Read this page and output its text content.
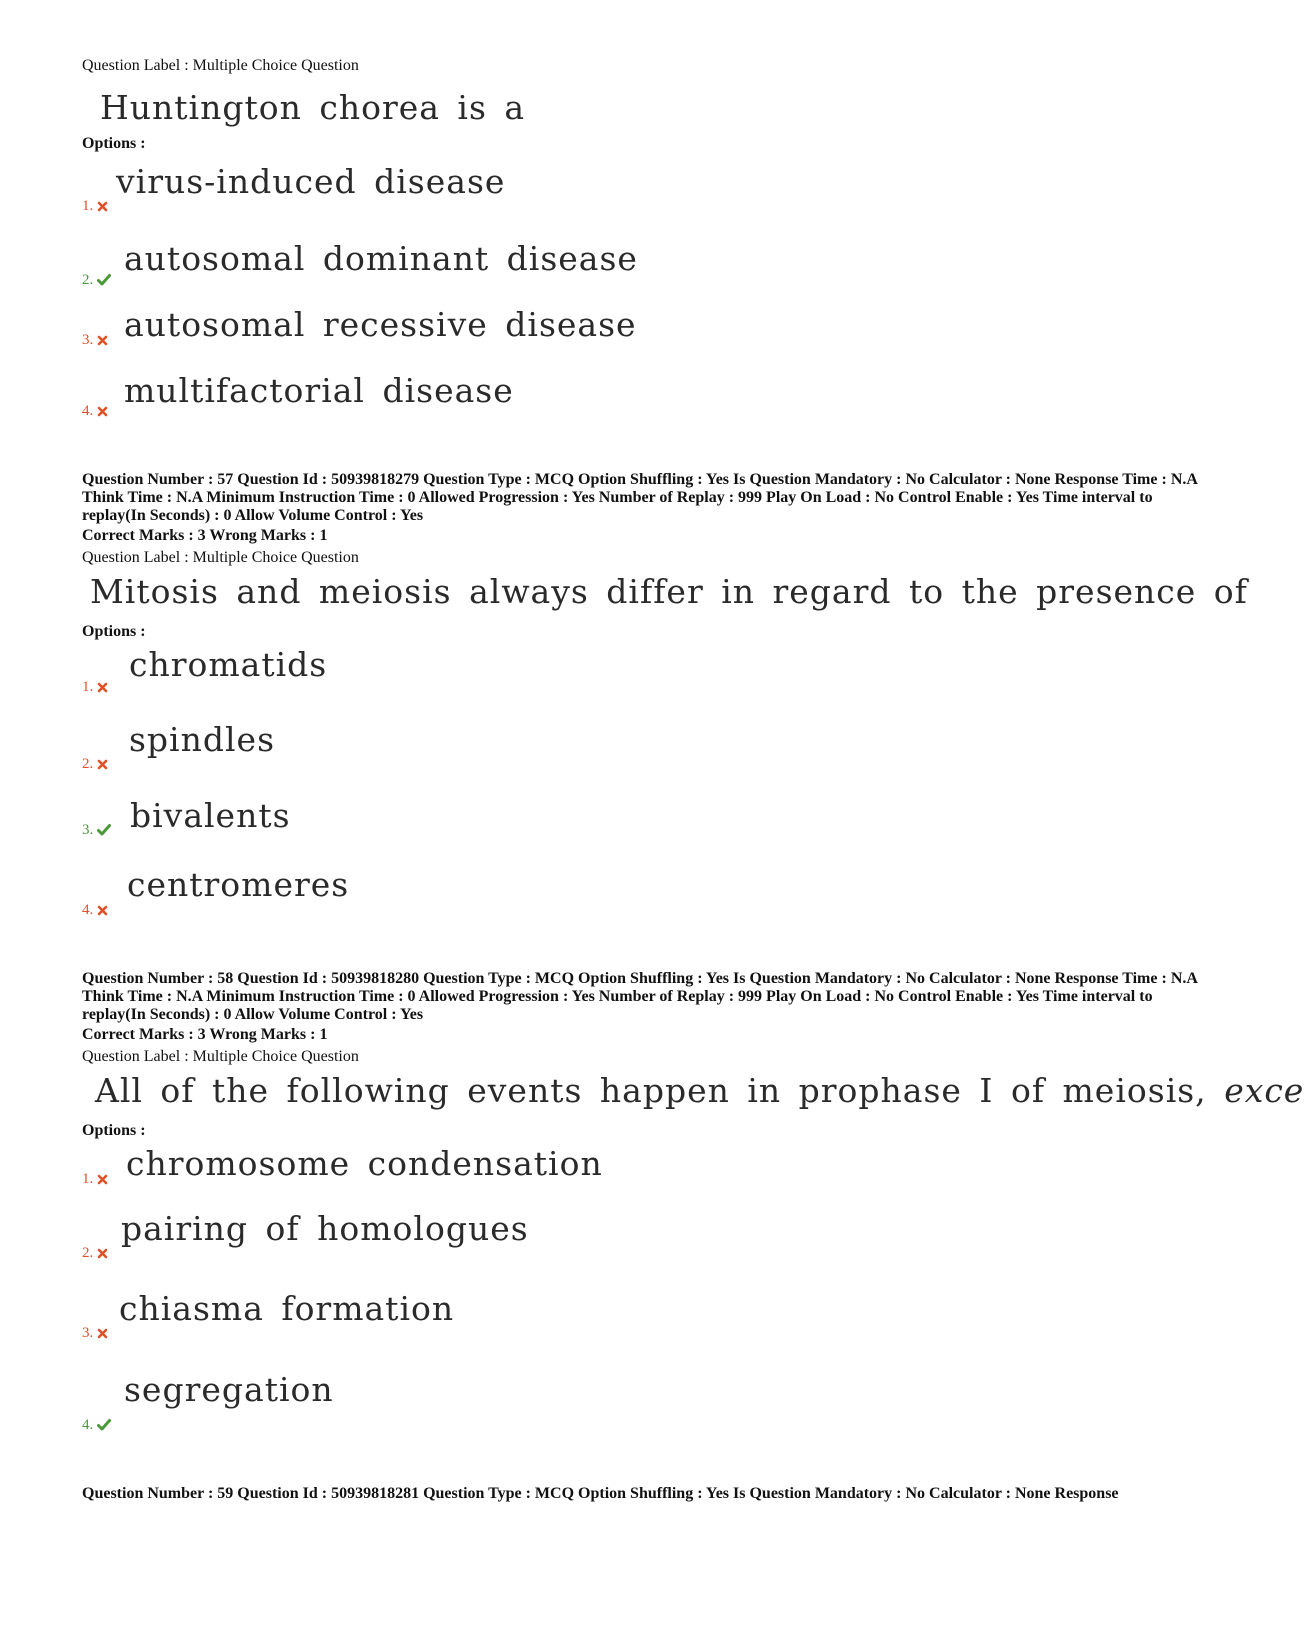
Question Label : Multiple Choice Question
Huntington chorea is a
Options :
virus-induced disease
1.
autosomal dominant disease
2.
autosomal recessive disease
3.
multifactorial disease
4.
Question Number : 57 Question Id : 50939818279 Question Type : MCQ Option Shuffling : Yes Is Question Mandatory : No Calculator : None Response Time : N.A Think Time : N.A Minimum Instruction Time : 0 Allowed Progression : Yes Number of Replay : 999 Play On Load : No Control Enable : Yes Time interval to replay(In Seconds) : 0 Allow Volume Control : Yes
Correct Marks : 3 Wrong Marks : 1
Question Label : Multiple Choice Question
Mitosis and meiosis always differ in regard to the presence of
Options :
chromatids
1.
spindles
2.
bivalents
3.
centromeres
4.
Question Number : 58 Question Id : 50939818280 Question Type : MCQ Option Shuffling : Yes Is Question Mandatory : No Calculator : None Response Time : N.A Think Time : N.A Minimum Instruction Time : 0 Allowed Progression : Yes Number of Replay : 999 Play On Load : No Control Enable : Yes Time interval to replay(In Seconds) : 0 Allow Volume Control : Yes
Correct Marks : 3 Wrong Marks : 1
Question Label : Multiple Choice Question
All of the following events happen in prophase I of meiosis, exce
Options :
chromosome condensation
1.
pairing of homologues
2.
chiasma formation
3.
segregation
4.
Question Number : 59 Question Id : 50939818281 Question Type : MCQ Option Shuffling : Yes Is Question Mandatory : No Calculator : None Response
